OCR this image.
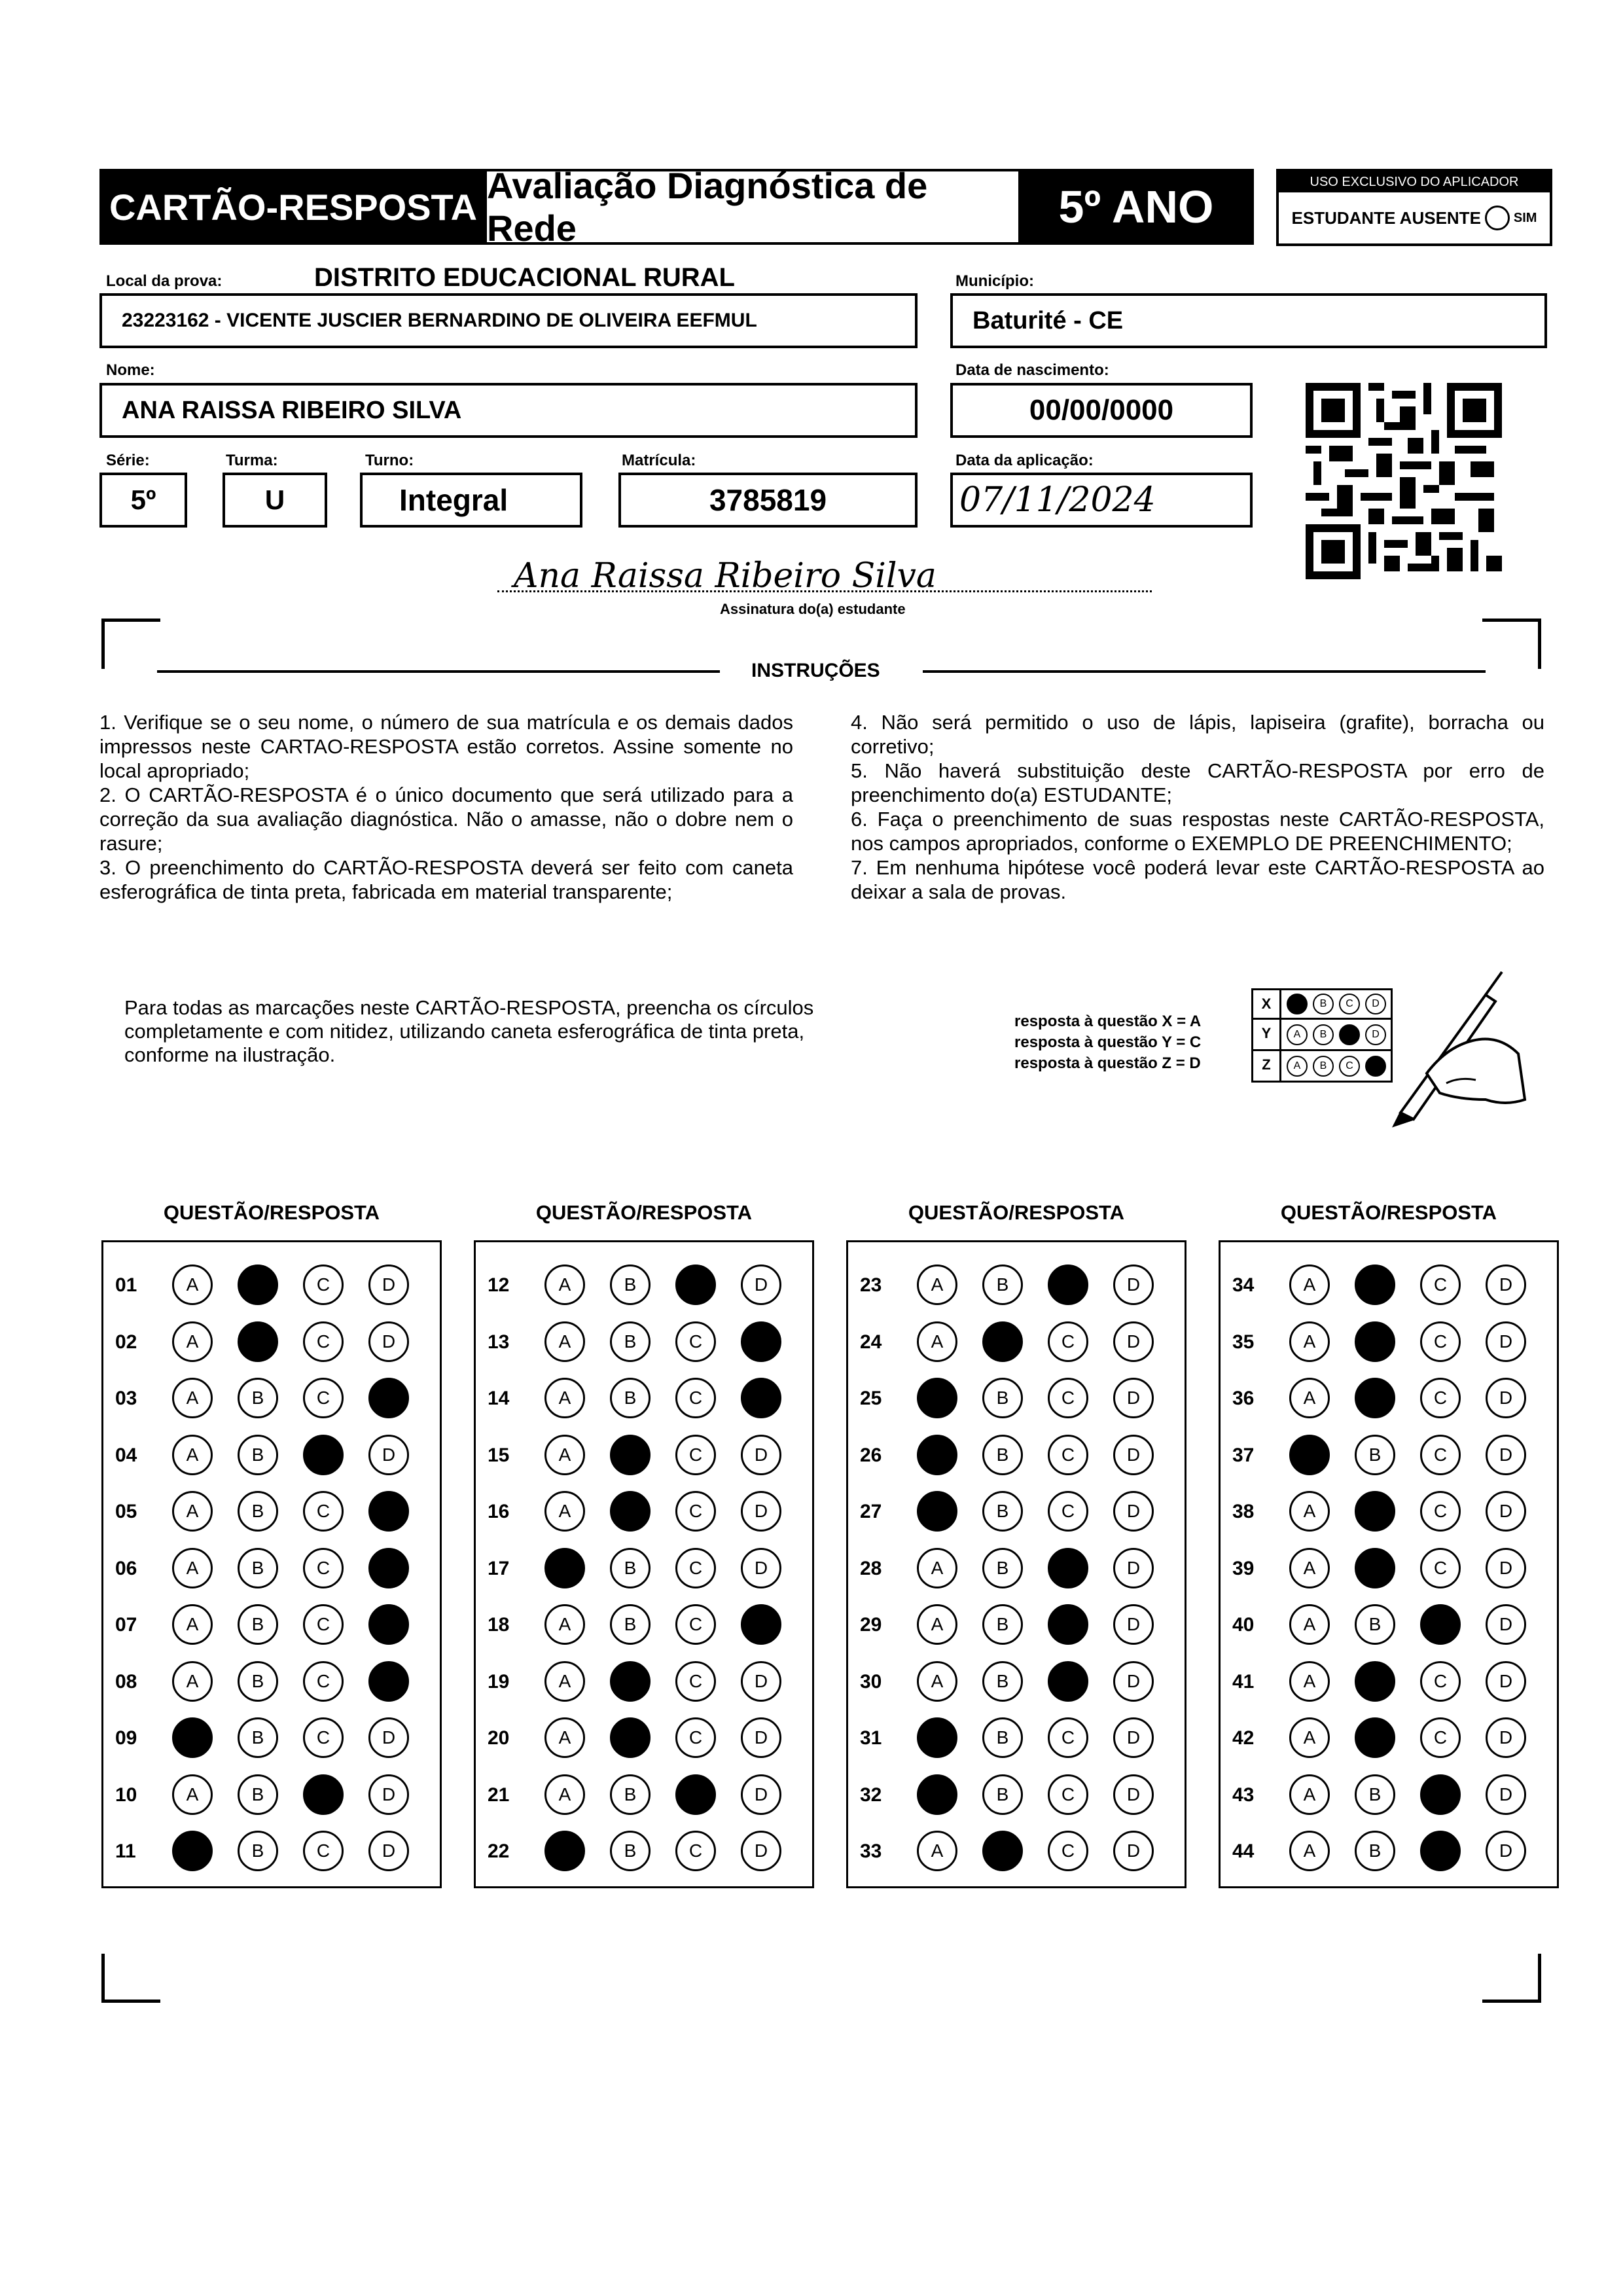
CARTÃO-RESPOSTA
Avaliação Diagnóstica de Rede	5º ANO	USO EXCLUSIVO DO APLICADOR
ESTUDANTE AUSENTE	SIM
Local da prova:	DISTRITO EDUCACIONAL RURAL
23223162 - VICENTE JUSCIER BERNARDINO DE OLIVEIRA EEFMUL
Município:
Baturité - CE
Nome:
ANA RAISSA RIBEIRO SILVA
Data de nascimento:
00/00/0000
Série:
5º
Turma:
U
Turno:
Integral
Matrícula:
3785819
Data da aplicação:
07/11/2024
Ana Raissa Ribeiro Silva
Assinatura do(a) estudante
INSTRUÇÕES

1. Verifique se o seu nome, o número de sua matrícula e os demais dados impressos neste CARTAO-RESPOSTA estão corretos. Assine somente no local apropriado;

2. O CARTÃO-RESPOSTA é o único documento que será utilizado para a correção da sua avaliação diagnóstica. Não o amasse, não o dobre nem o rasure;

3. O preenchimento do CARTÃO-RESPOSTA deverá ser feito com caneta esferográfica de tinta preta, fabricada em material transparente;

4. Não será permitido o uso de lápis, lapiseira (grafite), borracha ou corretivo;

5. Não haverá substituição deste CARTÃO-RESPOSTA por erro de preenchimento do(a) ESTUDANTE;

6. Faça o preenchimento de suas respostas neste CARTÃO-RESPOSTA, nos campos apropriados, conforme o EXEMPLO DE PREENCHIMENTO;

7. Em nenhuma hipótese você poderá levar este CARTÃO-RESPOSTA ao deixar a sala de provas.

Para todas as marcações neste CARTÃO-RESPOSTA, preencha os círculos completamente e com nitidez, utilizando caneta esferográfica de tinta preta, conforme na ilustração.
resposta à questão X = A
resposta à questão Y = C
resposta à questão Z = D
X	B	C	D
Y	A	B	D
Z	A	B	C
QUESTÃO/RESPOSTA
01	A	B	C	D
02	A	B	C	D
03	A	B	C	D
04	A	B	C	D
05	A	B	C	D
06	A	B	C	D
07	A	B	C	D
08	A	B	C	D
09	A	B	C	D
10	A	B	C	D
11	A	B	C	D
QUESTÃO/RESPOSTA
12	A	B	C	D
13	A	B	C	D
14	A	B	C	D
15	A	B	C	D
16	A	B	C	D
17	A	B	C	D
18	A	B	C	D
19	A	B	C	D
20	A	B	C	D
21	A	B	C	D
22	A	B	C	D
QUESTÃO/RESPOSTA
23	A	B	C	D
24	A	B	C	D
25	A	B	C	D
26	A	B	C	D
27	A	B	C	D
28	A	B	C	D
29	A	B	C	D
30	A	B	C	D
31	A	B	C	D
32	A	B	C	D
33	A	B	C	D
QUESTÃO/RESPOSTA
34	A	B	C	D
35	A	B	C	D
36	A	B	C	D
37	A	B	C	D
38	A	B	C	D
39	A	B	C	D
40	A	B	C	D
41	A	B	C	D
42	A	B	C	D
43	A	B	C	D
44	A	B	C	D
